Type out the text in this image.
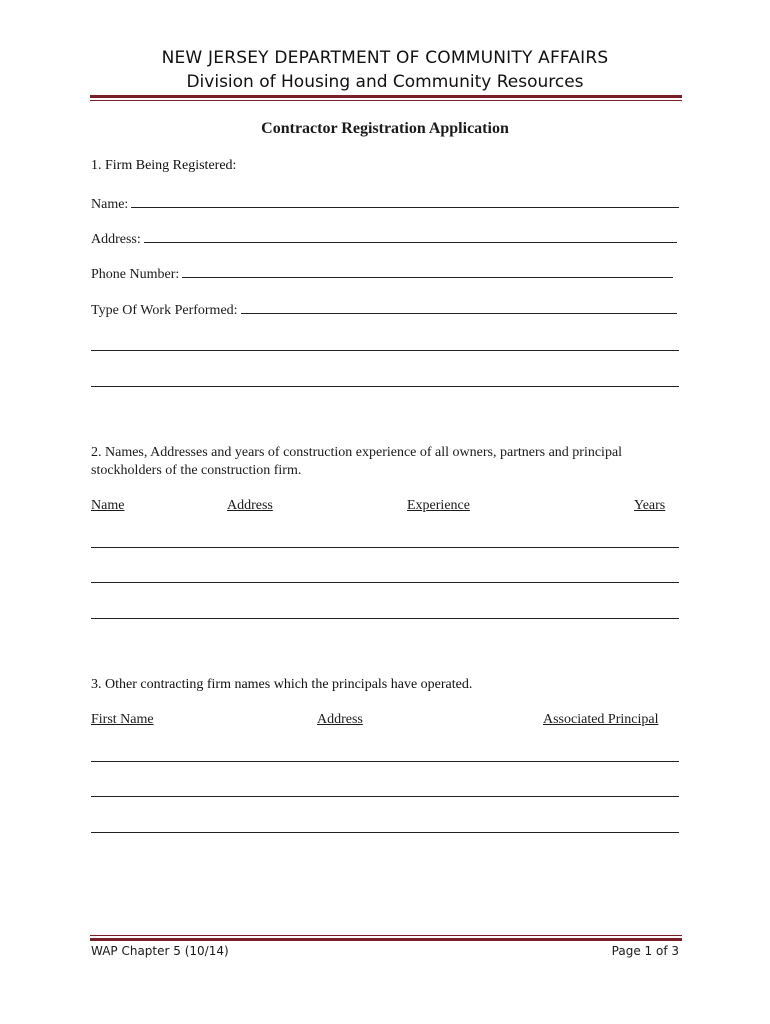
NEW JERSEY DEPARTMENT OF COMMUNITY AFFAIRS
Division of Housing and Community Resources
Contractor Registration Application
1. Firm Being Registered:
Name:
Address:
Phone Number:
Type Of Work Performed:
2. Names, Addresses and years of construction experience of all owners, partners and principal stockholders of the construction firm.
Name	Address	Experience	Years
3. Other contracting firm names which the principals have operated.
First Name	Address	Associated Principal
WAP Chapter 5 (10/14)	Page 1 of 3
